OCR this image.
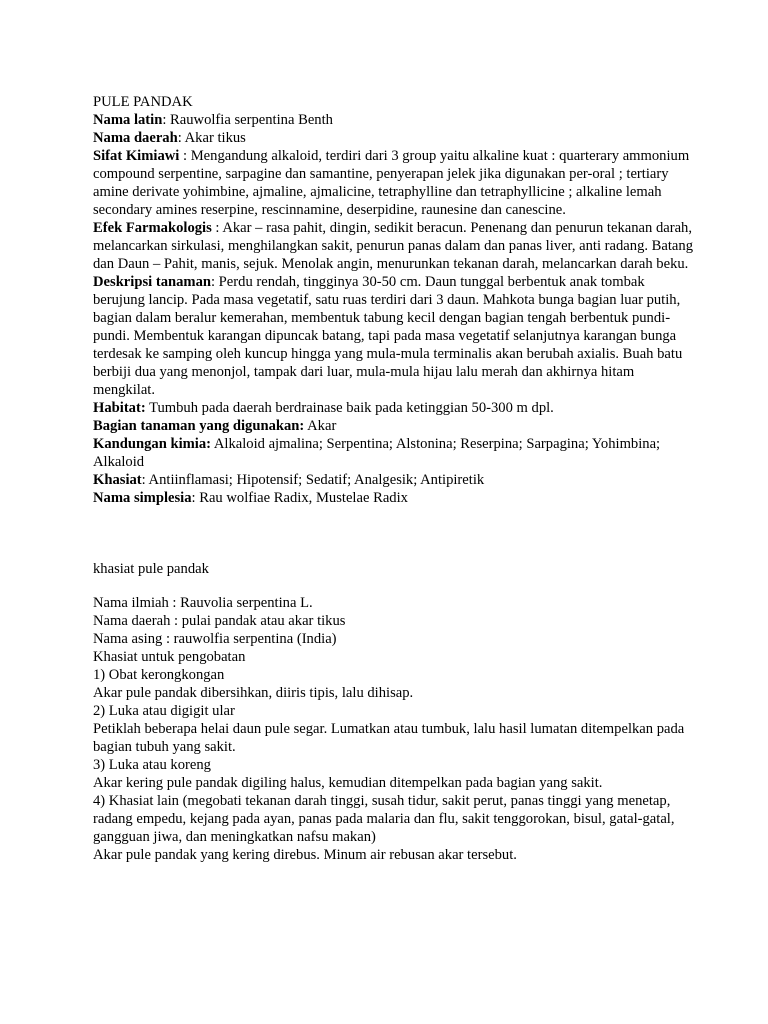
PULE PANDAK

Nama latin: Rauwolfia serpentina Benth

Nama daerah: Akar tikus

Sifat Kimiawi : Mengandung alkaloid, terdiri dari 3 group yaitu alkaline kuat : quarterary ammonium compound serpentine, sarpagine dan samantine, penyerapan jelek jika digunakan per-oral ; tertiary amine derivate yohimbine, ajmaline, ajmalicine, tetraphylline dan tetraphyllicine ; alkaline lemah secondary amines reserpine, rescinnamine, deserpidine, raunesine dan canescine.

Efek Farmakologis : Akar – rasa pahit, dingin, sedikit beracun. Penenang dan penurun tekanan darah, melancarkan sirkulasi, menghilangkan sakit, penurun panas dalam dan panas liver, anti radang. Batang dan Daun – Pahit, manis, sejuk. Menolak angin, menurunkan tekanan darah, melancarkan darah beku.

Deskripsi tanaman: Perdu rendah, tingginya 30-50 cm. Daun tunggal berbentuk anak tombak berujung lancip. Pada masa vegetatif, satu ruas terdiri dari 3 daun. Mahkota bunga bagian luar putih, bagian dalam beralur kemerahan, membentuk tabung kecil dengan bagian tengah berbentuk pundi-pundi. Membentuk karangan dipuncak batang, tapi pada masa vegetatif selanjutnya karangan bunga terdesak ke samping oleh kuncup hingga yang mula-mula terminalis akan berubah axialis. Buah batu berbiji dua yang menonjol, tampak dari luar, mula-mula hijau lalu merah dan akhirnya hitam mengkilat.

Habitat: Tumbuh pada daerah berdrainase baik pada ketinggian 50-300 m dpl.

Bagian tanaman yang digunakan: Akar

Kandungan kimia: Alkaloid ajmalina; Serpentina; Alstonina; Reserpina; Sarpagina; Yohimbina; Alkaloid

Khasiat: Antiinflamasi; Hipotensif; Sedatif; Analgesik; Antipiretik

Nama simplesia: Rau wolfiae Radix, Mustelae Radix

khasiat pule pandak

Nama ilmiah : Rauvolia serpentina L.

Nama daerah : pulai pandak atau akar tikus

Nama asing : rauwolfia serpentina (India)

Khasiat untuk pengobatan

1) Obat kerongkongan

Akar pule pandak dibersihkan, diiris tipis, lalu dihisap.

2) Luka atau digigit ular

Petiklah beberapa helai daun pule segar. Lumatkan atau tumbuk, lalu hasil lumatan ditempelkan pada bagian tubuh yang sakit.

3) Luka atau koreng

Akar kering pule pandak digiling halus, kemudian ditempelkan pada bagian yang sakit.

4) Khasiat lain (megobati tekanan darah tinggi, susah tidur, sakit perut, panas tinggi yang menetap, radang empedu, kejang pada ayan, panas pada malaria dan flu, sakit tenggorokan, bisul, gatal-gatal, gangguan jiwa, dan meningkatkan nafsu makan)

Akar pule pandak yang kering direbus. Minum air rebusan akar tersebut.
